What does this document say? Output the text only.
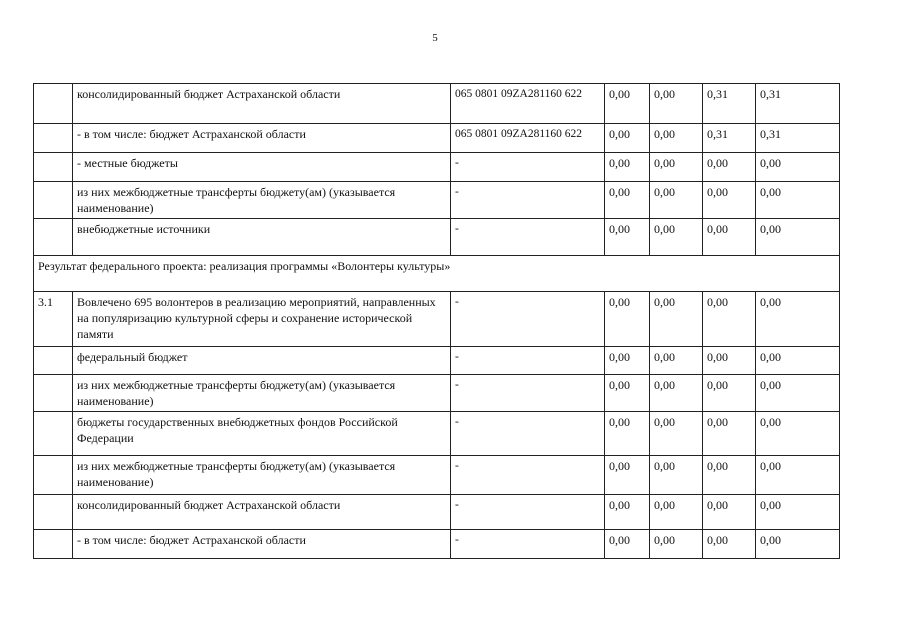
5
	консолидированный бюджет Астраханской области	065 0801 09ZA281160 622	0,00	0,00	0,31	0,31
	- в том числе: бюджет Астраханской области	065 0801 09ZA281160 622	0,00	0,00	0,31	0,31
	- местные бюджеты	-	0,00	0,00	0,00	0,00
	из них межбюджетные трансферты бюджету(ам) (указывается наименование)	-	0,00	0,00	0,00	0,00
	внебюджетные источники	-	0,00	0,00	0,00	0,00
Результат федерального проекта: реализация программы «Волонтеры культуры»						
3.1	Вовлечено 695 волонтеров в реализацию мероприятий, направленных на популяризацию культурной сферы и сохранение исторической памяти	-	0,00	0,00	0,00	0,00
	федеральный бюджет	-	0,00	0,00	0,00	0,00
	из них межбюджетные трансферты бюджету(ам) (указывается наименование)	-	0,00	0,00	0,00	0,00
	бюджеты государственных внебюджетных фондов Российской Федерации	-	0,00	0,00	0,00	0,00
	из них межбюджетные трансферты бюджету(ам) (указывается наименование)	-	0,00	0,00	0,00	0,00
	консолидированный бюджет Астраханской области	-	0,00	0,00	0,00	0,00
	- в том числе: бюджет Астраханской области	-	0,00	0,00	0,00	0,00
